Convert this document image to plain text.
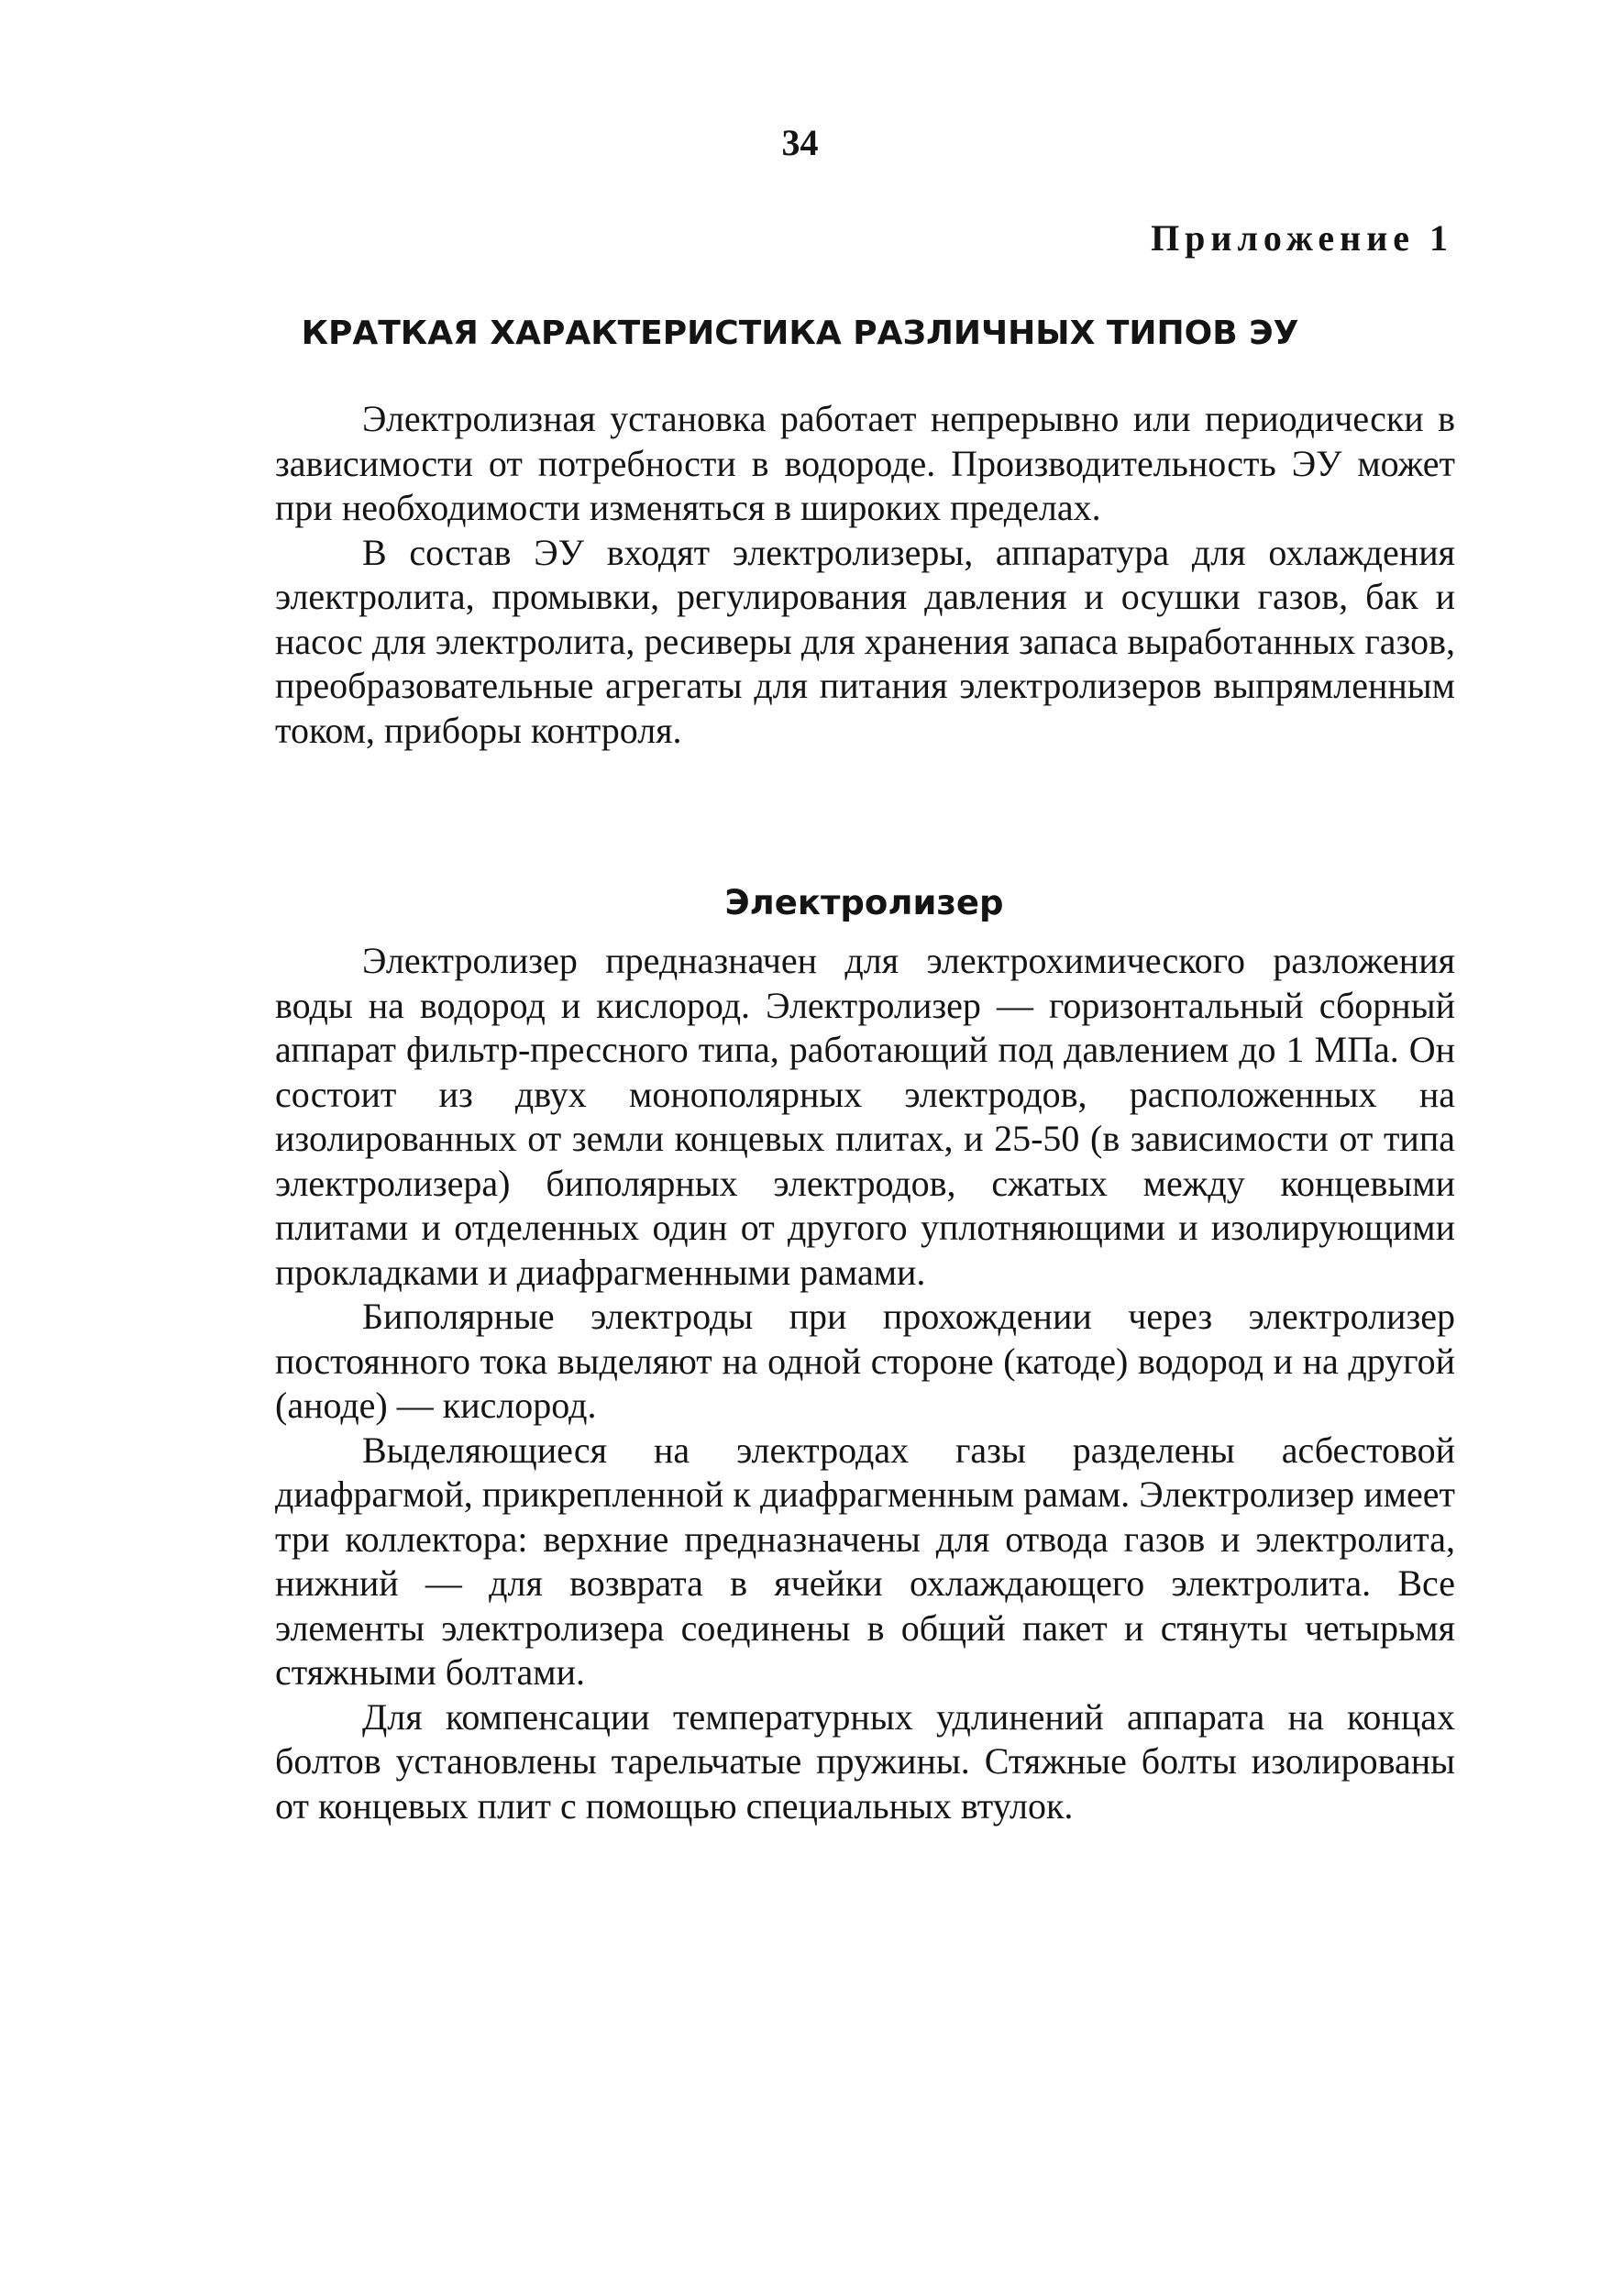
34
Приложение 1
КРАТКАЯ ХАРАКТЕРИСТИКА РАЗЛИЧНЫХ ТИПОВ ЭУ

Электролизная установка работает непрерывно или периодически в зависимости от потребности в водороде. Производительность ЭУ может при необходимости изменяться в широких пределах.

В состав ЭУ входят электролизеры, аппаратура для охлаждения электролита, промывки, регулирования давления и осушки газов, бак и насос для электролита, ресиверы для хранения запаса выработанных газов, преобразовательные агрегаты для питания электролизеров выпрямленным током, приборы контроля.

Электролизер

Электролизер предназначен для электрохимического разложения воды на водород и кислород. Электролизер — горизонтальный сборный аппарат фильтр-прессного типа, работающий под давлением до 1 МПа. Он состоит из двух монополярных электродов, расположенных на изолированных от земли концевых плитах, и 25-50 (в зависимости от типа электролизера) биполярных электродов, сжатых между концевыми плитами и отделенных один от другого уплотняющими и изолирующими прокладками и диафрагменными рамами.

Биполярные электроды при прохождении через электролизер постоянного тока выделяют на одной стороне (катоде) водород и на другой (аноде) — кислород.

Выделяющиеся на электродах газы разделены асбестовой диафрагмой, прикрепленной к диафрагменным рамам. Электролизер имеет три коллектора: верхние предназначены для отвода газов и электролита, нижний — для возврата в ячейки охлаждающего электролита. Все элементы электролизера соединены в общий пакет и стянуты четырьмя стяжными болтами.

Для компенсации температурных удлинений аппарата на концах болтов установлены тарельчатые пружины. Стяжные болты изолированы от концевых плит с помощью специальных втулок.
